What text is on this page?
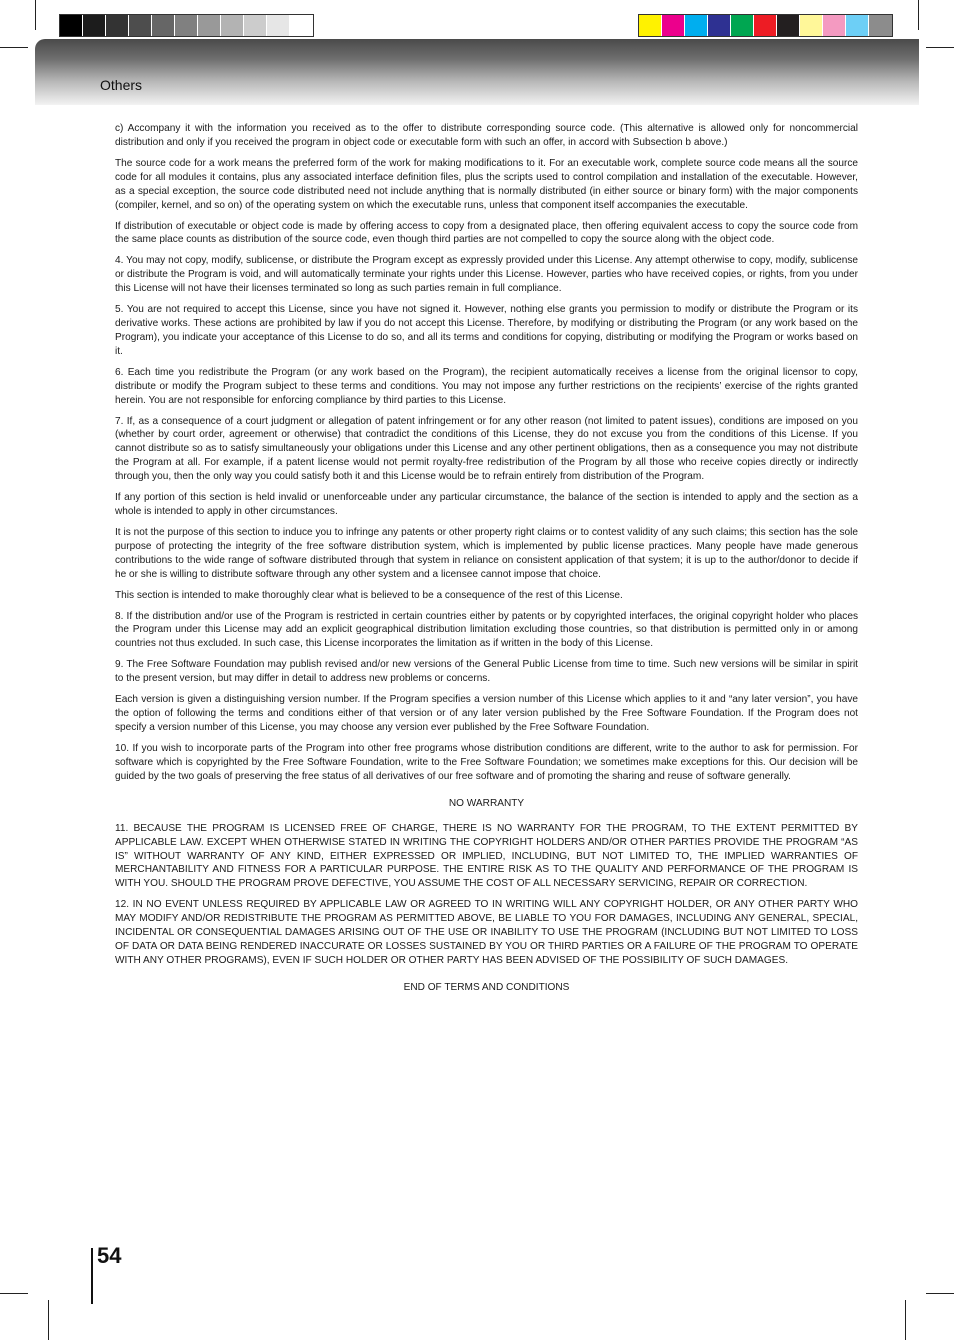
Others

c) Accompany it with the information you received as to the offer to distribute corresponding source code. (This alternative is allowed only for noncommercial distribution and only if you received the program in object code or executable form with such an offer, in accord with Subsection b above.)

The source code for a work means the preferred form of the work for making modifications to it. For an executable work, complete source code means all the source code for all modules it contains, plus any associated interface definition files, plus the scripts used to control compilation and installation of the executable. However, as a special exception, the source code distributed need not include anything that is normally distributed (in either source or binary form) with the major components (compiler, kernel, and so on) of the operating system on which the executable runs, unless that component itself accompanies the executable.

If distribution of executable or object code is made by offering access to copy from a designated place, then offering equivalent access to copy the source code from the same place counts as distribution of the source code, even though third parties are not compelled to copy the source along with the object code.

4. You may not copy, modify, sublicense, or distribute the Program except as expressly provided under this License. Any attempt otherwise to copy, modify, sublicense or distribute the Program is void, and will automatically terminate your rights under this License. However, parties who have received copies, or rights, from you under this License will not have their licenses terminated so long as such parties remain in full compliance.

5. You are not required to accept this License, since you have not signed it. However, nothing else grants you permission to modify or distribute the Program or its derivative works. These actions are prohibited by law if you do not accept this License. Therefore, by modifying or distributing the Program (or any work based on the Program), you indicate your acceptance of this License to do so, and all its terms and conditions for copying, distributing or modifying the Program or works based on it.

6. Each time you redistribute the Program (or any work based on the Program), the recipient automatically receives a license from the original licensor to copy, distribute or modify the Program subject to these terms and conditions. You may not impose any further restrictions on the recipients’ exercise of the rights granted herein. You are not responsible for enforcing compliance by third parties to this License.

7. If, as a consequence of a court judgment or allegation of patent infringement or for any other reason (not limited to patent issues), conditions are imposed on you (whether by court order, agreement or otherwise) that contradict the conditions of this License, they do not excuse you from the conditions of this License. If you cannot distribute so as to satisfy simultaneously your obligations under this License and any other pertinent obligations, then as a consequence you may not distribute the Program at all. For example, if a patent license would not permit royalty-free redistribution of the Program by all those who receive copies directly or indirectly through you, then the only way you could satisfy both it and this License would be to refrain entirely from distribution of the Program.

If any portion of this section is held invalid or unenforceable under any particular circumstance, the balance of the section is intended to apply and the section as a whole is intended to apply in other circumstances.

It is not the purpose of this section to induce you to infringe any patents or other property right claims or to contest validity of any such claims; this section has the sole purpose of protecting the integrity of the free software distribution system, which is implemented by public license practices. Many people have made generous contributions to the wide range of software distributed through that system in reliance on consistent application of that system; it is up to the author/donor to decide if he or she is willing to distribute software through any other system and a licensee cannot impose that choice.

This section is intended to make thoroughly clear what is believed to be a consequence of the rest of this License.

8. If the distribution and/or use of the Program is restricted in certain countries either by patents or by copyrighted interfaces, the original copyright holder who places the Program under this License may add an explicit geographical distribution limitation excluding those countries, so that distribution is permitted only in or among countries not thus excluded. In such case, this License incorporates the limitation as if written in the body of this License.

9. The Free Software Foundation may publish revised and/or new versions of the General Public License from time to time. Such new versions will be similar in spirit to the present version, but may differ in detail to address new problems or concerns.

Each version is given a distinguishing version number. If the Program specifies a version number of this License which applies to it and “any later version”, you have the option of following the terms and conditions either of that version or of any later version published by the Free Software Foundation. If the Program does not specify a version number of this License, you may choose any version ever published by the Free Software Foundation.

10. If you wish to incorporate parts of the Program into other free programs whose distribution conditions are different, write to the author to ask for permission. For software which is copyrighted by the Free Software Foundation, write to the Free Software Foundation; we sometimes make exceptions for this. Our decision will be guided by the two goals of preserving the free status of all derivatives of our free software and of promoting the sharing and reuse of software generally.

NO WARRANTY

11. BECAUSE THE PROGRAM IS LICENSED FREE OF CHARGE, THERE IS NO WARRANTY FOR THE PROGRAM, TO THE EXTENT PERMITTED BY APPLICABLE LAW. EXCEPT WHEN OTHERWISE STATED IN WRITING THE COPYRIGHT HOLDERS AND/OR OTHER PARTIES PROVIDE THE PROGRAM “AS IS” WITHOUT WARRANTY OF ANY KIND, EITHER EXPRESSED OR IMPLIED, INCLUDING, BUT NOT LIMITED TO, THE IMPLIED WARRANTIES OF MERCHANTABILITY AND FITNESS FOR A PARTICULAR PURPOSE. THE ENTIRE RISK AS TO THE QUALITY AND PERFORMANCE OF THE PROGRAM IS WITH YOU. SHOULD THE PROGRAM PROVE DEFECTIVE, YOU ASSUME THE COST OF ALL NECESSARY SERVICING, REPAIR OR CORRECTION.

12. IN NO EVENT UNLESS REQUIRED BY APPLICABLE LAW OR AGREED TO IN WRITING WILL ANY COPYRIGHT HOLDER, OR ANY OTHER PARTY WHO MAY MODIFY AND/OR REDISTRIBUTE THE PROGRAM AS PERMITTED ABOVE, BE LIABLE TO YOU FOR DAMAGES, INCLUDING ANY GENERAL, SPECIAL, INCIDENTAL OR CONSEQUENTIAL DAMAGES ARISING OUT OF THE USE OR INABILITY TO USE THE PROGRAM (INCLUDING BUT NOT LIMITED TO LOSS OF DATA OR DATA BEING RENDERED INACCURATE OR LOSSES SUSTAINED BY YOU OR THIRD PARTIES OR A FAILURE OF THE PROGRAM TO OPERATE WITH ANY OTHER PROGRAMS), EVEN IF SUCH HOLDER OR OTHER PARTY HAS BEEN ADVISED OF THE POSSIBILITY OF SUCH DAMAGES.

END OF TERMS AND CONDITIONS

54
